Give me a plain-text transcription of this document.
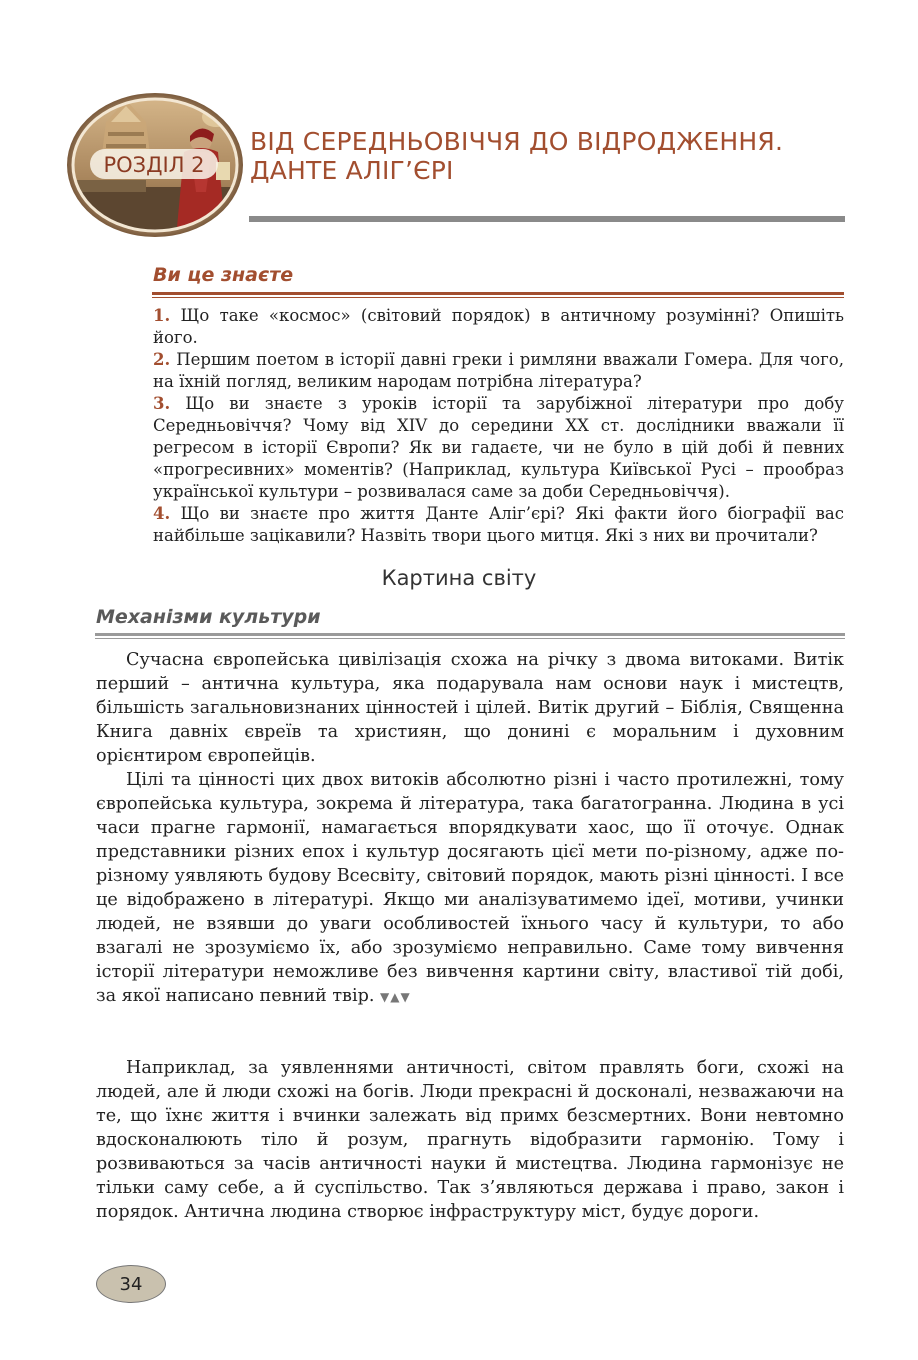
РОЗДІЛ 2
ВІД СЕРЕДНЬОВІЧЧЯ ДО ВІДРОДЖЕННЯ.
ДАНТЕ АЛІГ’ЄРІ
Ви це знаєте

1. Що таке «космос» (світовий порядок) в античному розумінні? Опишіть його.

2. Першим поетом в історії давні греки і римляни вважали Гомера. Для чого, на їхній погляд, великим народам потрібна література?

3. Що ви знаєте з уроків історії та зарубіжної літератури про добу Середньовіччя? Чому від XIV до середини XX ст. дослідники вважали її регресом в історії Європи? Як ви гадаєте, чи не було в цій добі й певних «прогресивних» моментів? (Наприклад, культура Київської Русі – прообраз української культури – розвивалася саме за доби Середньовіччя).

4. Що ви знаєте про життя Данте Аліг’єрі? Які факти його біографії вас найбільше зацікавили? Назвіть твори цього митця. Які з них ви прочитали?

Картина світу
Механізми культури

Сучасна європейська цивілізація схожа на річку з двома витоками. Витік перший – антична культура, яка подарувала нам основи наук і мистецтв, більшість загальновизнаних цінностей і цілей. Витік другий – Біблія, Священна Книга давніх євреїв та християн, що донині є моральним і духовним орієнтиром європейців.

Цілі та цінності цих двох витоків абсолютно різні і часто протилежні, тому європейська культура, зокрема й література, така багатогранна. Людина в усі часи прагне гармонії, намагається впорядкувати хаос, що її оточує. Однак представники різних епох і культур досягають цієї мети по-різному, адже по-різному уявляють будову Всесвіту, світовий порядок, мають різні цінності. І все це відображено в літературі. Якщо ми аналізуватимемо ідеї, мотиви, учинки людей, не взявши до уваги особливостей їхнього часу й культури, то або взагалі не зрозуміємо їх, або зрозуміємо неправильно. Саме тому вивчення історії літератури неможливе без вивчення картини світу, властивої тій добі, за якої написано певний твір. ▼▲▼

Наприклад, за уявленнями античності, світом правлять боги, схожі на людей, але й люди схожі на богів. Люди прекрасні й досконалі, незважаючи на те, що їхнє життя і вчинки залежать від примх безсмертних. Вони невтомно вдосконалюють тіло й розум, прагнуть відобразити гармонію. Тому і розвиваються за часів античності науки й мистецтва. Людина гармонізує не тільки саму себе, а й суспільство. Так з’являються держава і право, закон і порядок. Антична людина створює інфраструктуру міст, будує дороги.

34
